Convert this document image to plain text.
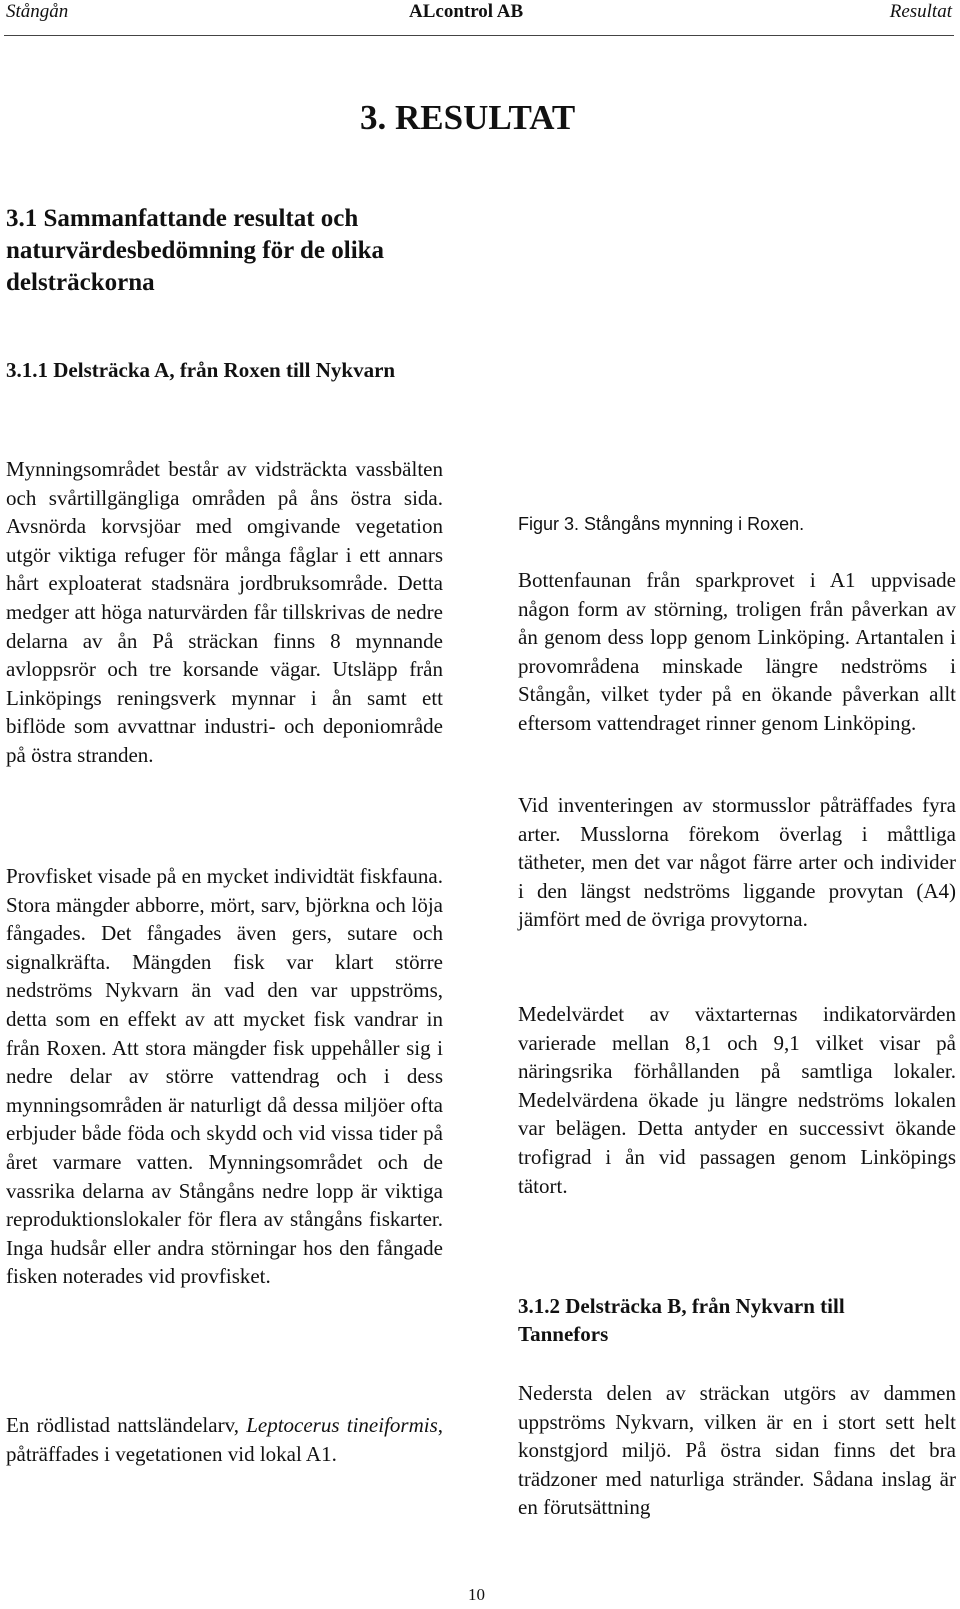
Stångån	ALcontrol AB	Resultat
3. RESULTAT
3.1 Sammanfattande resultat och naturvärdesbedömning för de olika delsträckorna
3.1.1 Delsträcka A, från Roxen till Nykvarn

Mynningsområdet består av vidsträckta vassbälten och svårtillgängliga områden på åns östra sida. Avsnörda korvsjöar med omgivande vegetation utgör viktiga refuger för många fåglar i ett annars hårt exploaterat stadsnära jordbruksområde. Detta medger att höga naturvärden får tillskrivas de nedre delarna av ån På sträckan finns 8 mynnande avloppsrör och tre korsande vägar. Utsläpp från Linköpings reningsverk mynnar i ån samt ett biflöde som avvattnar industri- och deponiområde på östra stranden.

Provfisket visade på en mycket individtät fiskfauna. Stora mängder abborre, mört, sarv, björkna och löja fångades. Det fångades även gers, sutare och signalkräfta. Mängden fisk var klart större nedströms Nykvarn än vad den var uppströms, detta som en effekt av att mycket fisk vandrar in från Roxen. Att stora mängder fisk uppehåller sig i nedre delar av större vattendrag och i dess mynningsområden är naturligt då dessa miljöer ofta erbjuder både föda och skydd och vid vissa tider på året varmare vatten. Mynningsområdet och de vassrika delarna av Stångåns nedre lopp är viktiga reproduktionslokaler för flera av stångåns fiskarter. Inga hudsår eller andra störningar hos den fångade fisken noterades vid provfisket.

En rödlistad nattsländelarv, Leptocerus tineiformis, påträffades i vegetationen vid lokal A1.

Figur 3. Stångåns mynning i Roxen.

Bottenfaunan från sparkprovet i A1 uppvisade någon form av störning, troligen från påverkan av ån genom dess lopp genom Linköping. Artantalen i provområdena minskade längre nedströms i Stångån, vilket tyder på en ökande påverkan allt eftersom vattendraget rinner genom Linköping.

Vid inventeringen av stormusslor påträffades fyra arter. Musslorna förekom överlag i måttliga tätheter, men det var något färre arter och individer i den längst nedströms liggande provytan (A4) jämfört med de övriga provytorna.

Medelvärdet av växtarternas indikatorvärden varierade mellan 8,1 och 9,1 vilket visar på näringsrika förhållanden på samtliga lokaler. Medelvärdena ökade ju längre nedströms lokalen var belägen. Detta antyder en successivt ökande trofigrad i ån vid passagen genom Linköpings tätort.

3.1.2 Delsträcka B, från Nykvarn till Tannefors

Nedersta delen av sträckan utgörs av dammen uppströms Nykvarn, vilken är en i stort sett helt konstgjord miljö. På östra sidan finns det bra trädzoner med naturliga stränder. Sådana inslag är en förutsättning

10
